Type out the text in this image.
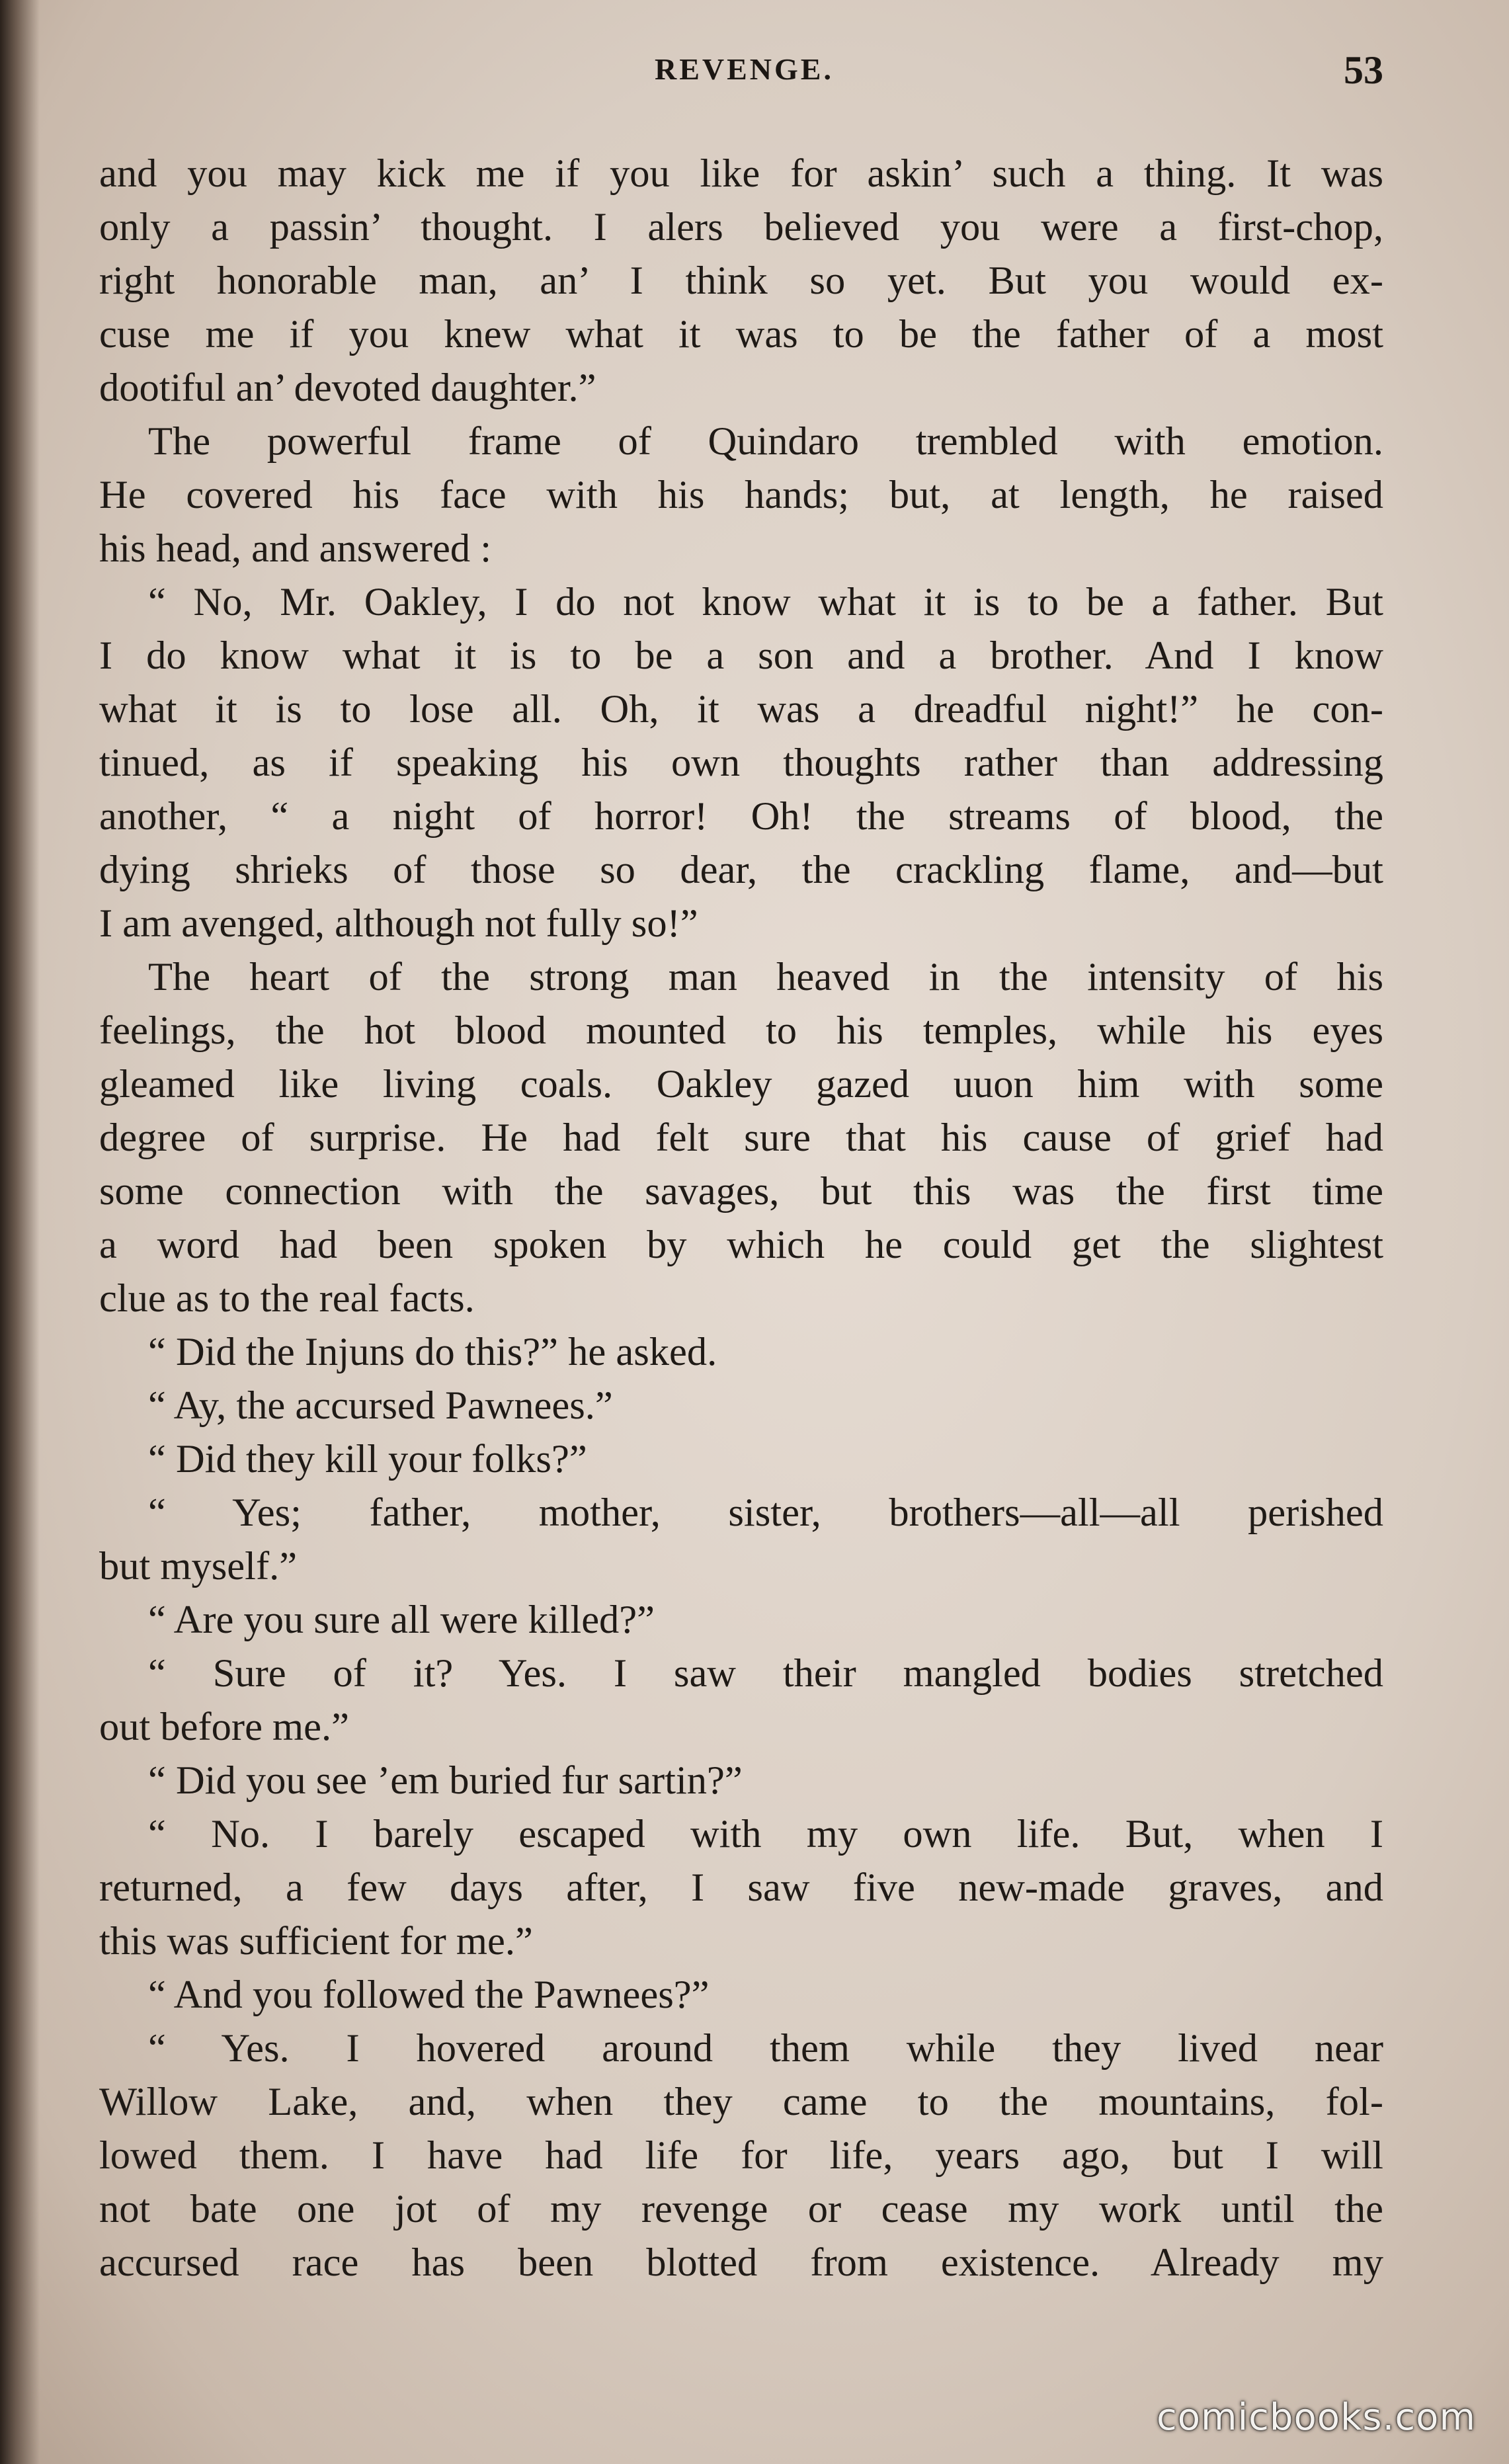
REVENGE.	53

and you may kick me if you like for askin’ such a thing. It was

only a passin’ thought. I alers believed you were a first-chop,

right honorable man, an’ I think so yet. But you would ex-

cuse me if you knew what it was to be the father of a most

dootiful an’ devoted daughter.”

The powerful frame of Quindaro trembled with emotion.

He covered his face with his hands; but, at length, he raised

his head, and answered :

“ No, Mr. Oakley, I do not know what it is to be a father. But

I do know what it is to be a son and a brother. And I know

what it is to lose all. Oh, it was a dreadful night!” he con-

tinued, as if speaking his own thoughts rather than addressing

another, “ a night of horror! Oh! the streams of blood, the

dying shrieks of those so dear, the crackling flame, and—but

I am avenged, although not fully so!”

The heart of the strong man heaved in the intensity of his

feelings, the hot blood mounted to his temples, while his eyes

gleamed like living coals. Oakley gazed uuon him with some

degree of surprise. He had felt sure that his cause of grief had

some connection with the savages, but this was the first time

a word had been spoken by which he could get the slightest

clue as to the real facts.

“ Did the Injuns do this?” he asked.

“ Ay, the accursed Pawnees.”

“ Did they kill your folks?”

“ Yes; father, mother, sister, brothers—all—all perished

but myself.”

“ Are you sure all were killed?”

“ Sure of it? Yes. I saw their mangled bodies stretched

out before me.”

“ Did you see ’em buried fur sartin?”

“ No. I barely escaped with my own life. But, when I

returned, a few days after, I saw five new-made graves, and

this was sufficient for me.”

“ And you followed the Pawnees?”

“ Yes. I hovered around them while they lived near

Willow Lake, and, when they came to the mountains, fol-

lowed them. I have had life for life, years ago, but I will

not bate one jot of my revenge or cease my work until the

accursed race has been blotted from existence. Already my

comicbooks.com
